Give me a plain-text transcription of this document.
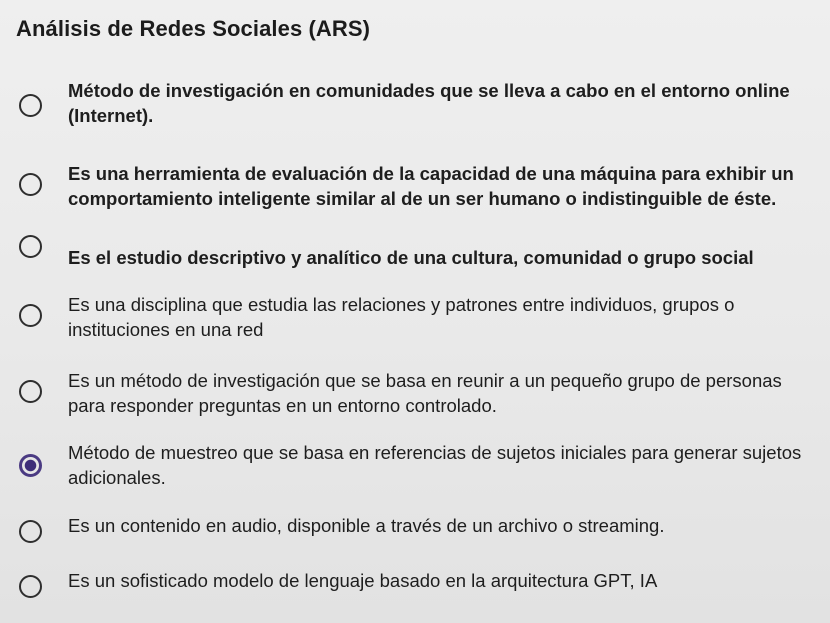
Análisis de Redes Sociales (ARS)
Método de investigación en comunidades que se lleva a cabo en el entorno online (Internet).
Es una herramienta de evaluación de la capacidad de una máquina para exhibir un comportamiento inteligente similar al de un ser humano o indistinguible de éste.
Es el estudio descriptivo y analítico de una cultura, comunidad o grupo social
Es una disciplina que estudia las relaciones y patrones entre individuos, grupos o instituciones en una red
Es un método de investigación que se basa en reunir a un pequeño grupo de personas para responder preguntas en un entorno controlado.
Método de muestreo que se basa en referencias de sujetos iniciales para generar sujetos adicionales.
Es un contenido en audio, disponible a través de un archivo o streaming.
Es un sofisticado modelo de lenguaje basado en la arquitectura GPT, IA
